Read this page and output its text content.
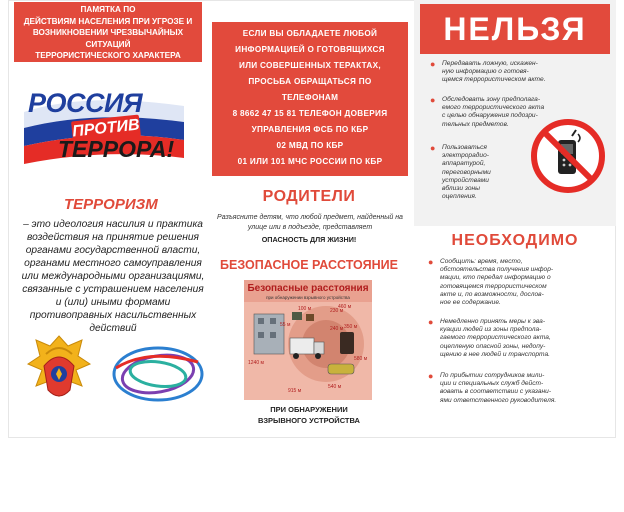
ПАМЯТКА ПО
ДЕЙСТВИЯМ НАСЕЛЕНИЯ ПРИ УГРОЗЕ И
ВОЗНИКНОВЕНИИ ЧРЕЗВЫЧАЙНЫХ СИТУАЦИЙ
ТЕРРОРИСТИЧЕСКОГО ХАРАКТЕРА
РОССИЯ
ПРОТИВ
ТЕРРОРА!
ТЕРРОРИЗМ
– это идеология насилия и практика воздействия на принятие решения органами государственной власти, органами местного самоуправления или международными организациями, связанные с устрашением населения и (или) иными формами противоправных насильственных действий
ЕСЛИ ВЫ ОБЛАДАЕТЕ ЛЮБОЙ
ИНФОРМАЦИЕЙ О ГОТОВЯЩИХСЯ
ИЛИ СОВЕРШЕННЫХ ТЕРАКТАХ,
ПРОСЬБА ОБРАЩАТЬСЯ ПО
ТЕЛЕФОНАМ
8 8662 47 15 81 ТЕЛЕФОН ДОВЕРИЯ
УПРАВЛЕНИЯ ФСБ ПО КБР
02 МВД ПО КБР
01 ИЛИ 101 МЧС РОССИИ ПО КБР
РОДИТЕЛИ
Разъясните детям, что любой предмет, найденный на улице или в подъезде, представляет
ОПАСНОСТЬ ДЛЯ ЖИЗНИ!
БЕЗОПАСНОЕ РАССТОЯНИЕ
Безопасные расстояния
при обнаружении взрывного устройства
55 м
100 м	230 м
240 м 350 м
460 м
580 м
915 м
1240 м
540 м
ПРИ ОБНАРУЖЕНИИ
ВЗРЫВНОГО УСТРОЙСТВА
НЕЛЬЗЯ
● Передавать ложную, искажен-
ную информацию о готовя-
щемся террористическом акте.
● Обследовать зону предполага-
емого террористического акта
с целью обнаружения подозри-
тельных предметов.
● Пользоваться
электрорадио-
аппаратурой,
переговорными
устройствами
вблизи зоны
оцепления.
НЕОБХОДИМО
● Сообщить: время, место,
обстоятельства получения инфор-
мации, кто передал информацию о
готовящемся террористическом
акте и, по возможности, дослов-
ное ее содержание.
● Немедленно принять меры к эва-
куации людей из зоны предпола-
гаемого террористического акта,
оцепленую опасной зоны, недопу-
щению в нее людей и транспорта.
● По прибытии сотрудников мили-
ции и специальных служб дейст-
вовать в соответствии с указани-
ями ответственного руководителя.
